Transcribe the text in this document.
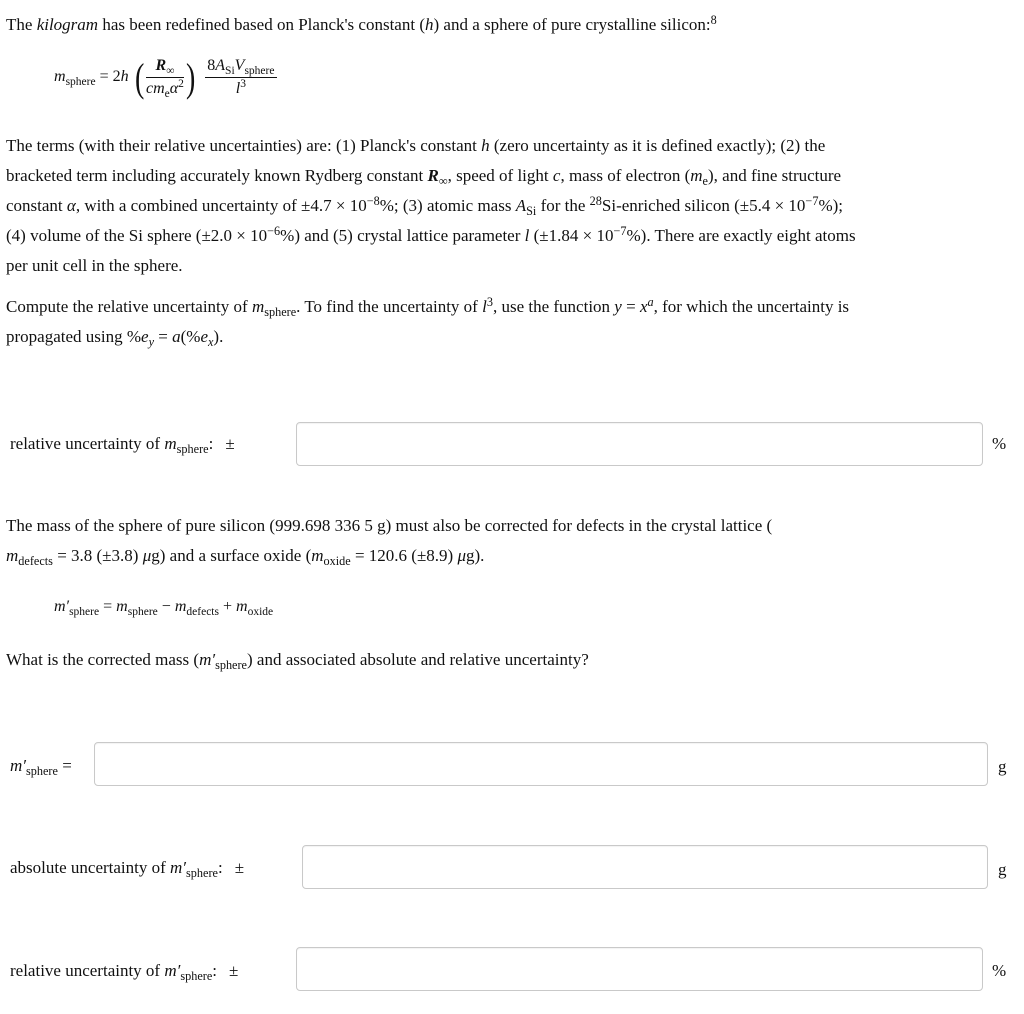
The kilogram has been redefined based on Planck's constant (h) and a sphere of pure crystalline silicon:$^8$
$m_{sphere} = 2h$ ( $\frac{R_\infty}{cm_e\alpha^2}$ ) $\frac{8A_{Si}V_{sphere}}{l^3}$
The terms (with their relative uncertainties) are: (1) Planck's constant h (zero uncertainty as it is defined exactly); (2) the
bracketed term including accurately known Rydberg constant $R_\infty$, speed of light c, mass of electron $(m_e)$, and fine structure
constant α, with a combined uncertainty of $\pm 4.7 \times 10^{-8}\%$; (3) atomic mass $A_{Si}$ for the $^{28}$Si-enriched silicon $(\pm 5.4 \times 10^{-7}\%)$;
(4) volume of the Si sphere $(\pm 2.0 \times 10^{-6}\%)$ and (5) crystal lattice parameter l $(\pm 1.84 \times 10^{-7}\%)$. There are exactly eight atoms
per unit cell in the sphere.
Compute the relative uncertainty of $m_{sphere}$. To find the uncertainty of $l^3$, use the function $y = x^a$, for which the uncertainty is
propagated using $\%e_y = a(\%e_x)$.
relative uncertainty of $m_{sphere}$: ±	%
The mass of the sphere of pure silicon (999.698 336 5 g) must also be corrected for defects in the crystal lattice (
$m_{defects} = 3.8$ (±3.8) μg) and a surface oxide ($m_{oxide} = 120.6$ (±8.9) μg).
$m'_{sphere} = m_{sphere} - m_{defects} + m_{oxide}$
What is the corrected mass $(m'_{sphere})$ and associated absolute and relative uncertainty?
$m'_{sphere}$ =	g
absolute uncertainty of $m'_{sphere}$: ±	g
relative uncertainty of $m'_{sphere}$: ±	%
